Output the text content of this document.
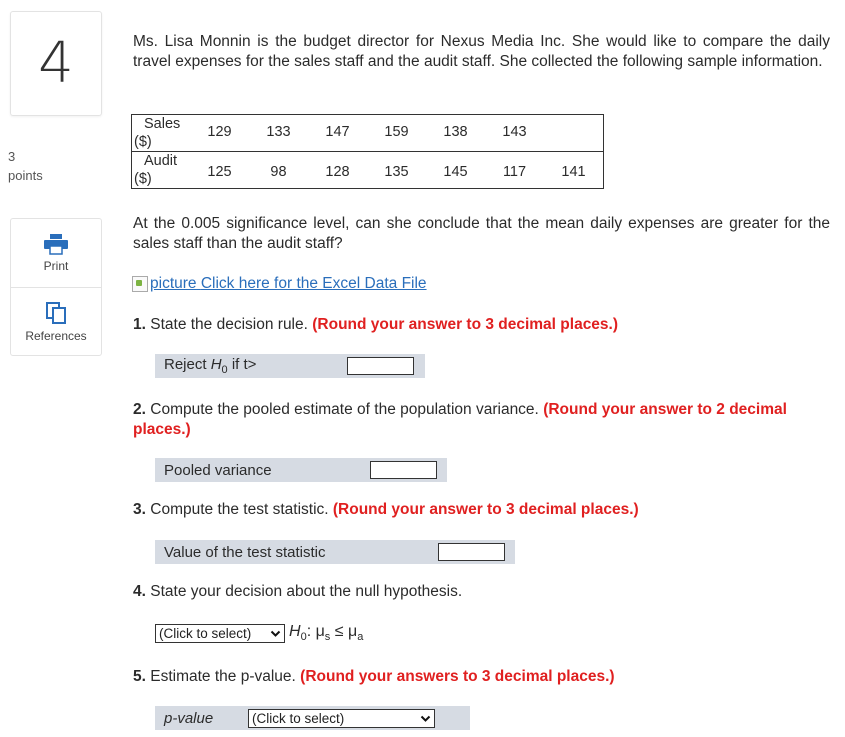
4
3
points
Print
References

Ms. Lisa Monnin is the budget director for Nexus Media Inc. She would like to compare the daily travel expenses for the sales staff and the audit staff. She collected the following sample information.

Sales
($)	129	133	147	159	138	143	

Audit
($)	125	98	128	135	145	117	141

At the 0.005 significance level, can she conclude that the mean daily expenses are greater for the sales staff than the audit staff?

picture
Click here for the Excel Data File
1. State the decision rule. (Round your answer to 3 decimal places.)
Reject $H_0$ if t>
2. Compute the pooled estimate of the population variance. (Round your answer to 2 decimal places.)
Pooled variance
3. Compute the test statistic. (Round your answer to 3 decimal places.)
Value of the test statistic
4. State your decision about the null hypothesis.
(Click to select) $H_0$: $\mu_s \le \mu_a$
5. Estimate the p-value. (Round your answers to 3 decimal places.)
p-value	(Click to select)
